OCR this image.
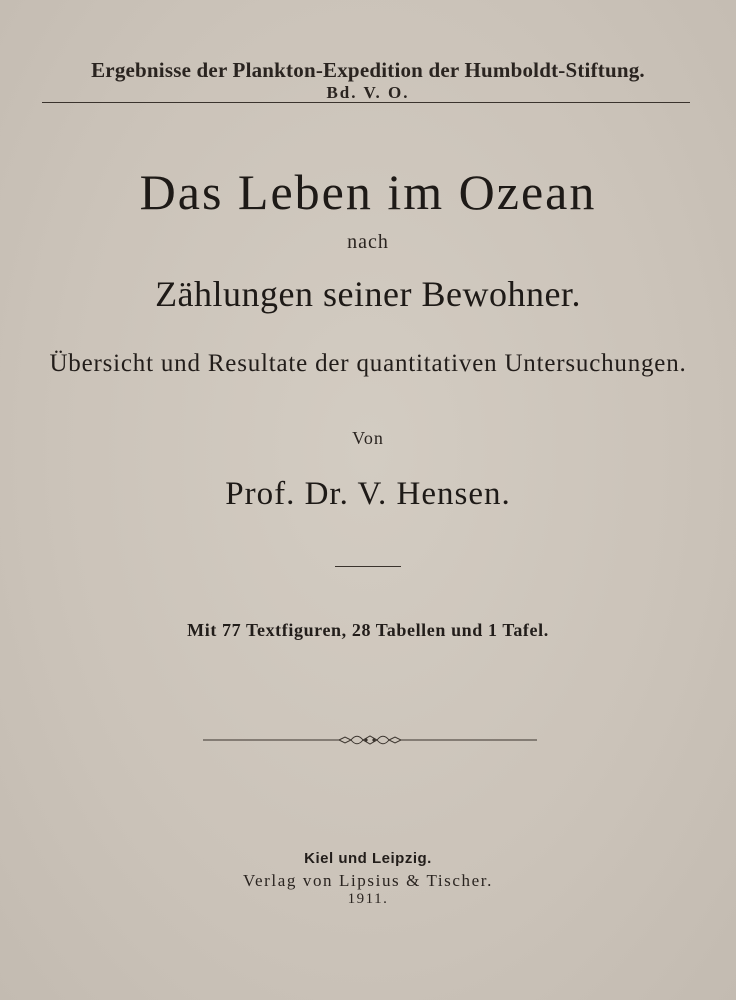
Ergebnisse der Plankton-Expedition der Humboldt-Stiftung.
Bd. V. O.
Das Leben im Ozean
nach
Zählungen seiner Bewohner.
Übersicht und Resultate der quantitativen Untersuchungen.
Von
Prof. Dr. V. Hensen.
Mit 77 Textfiguren, 28 Tabellen und 1 Tafel.
Kiel und Leipzig.
Verlag von Lipsius & Tischer.
1911.
